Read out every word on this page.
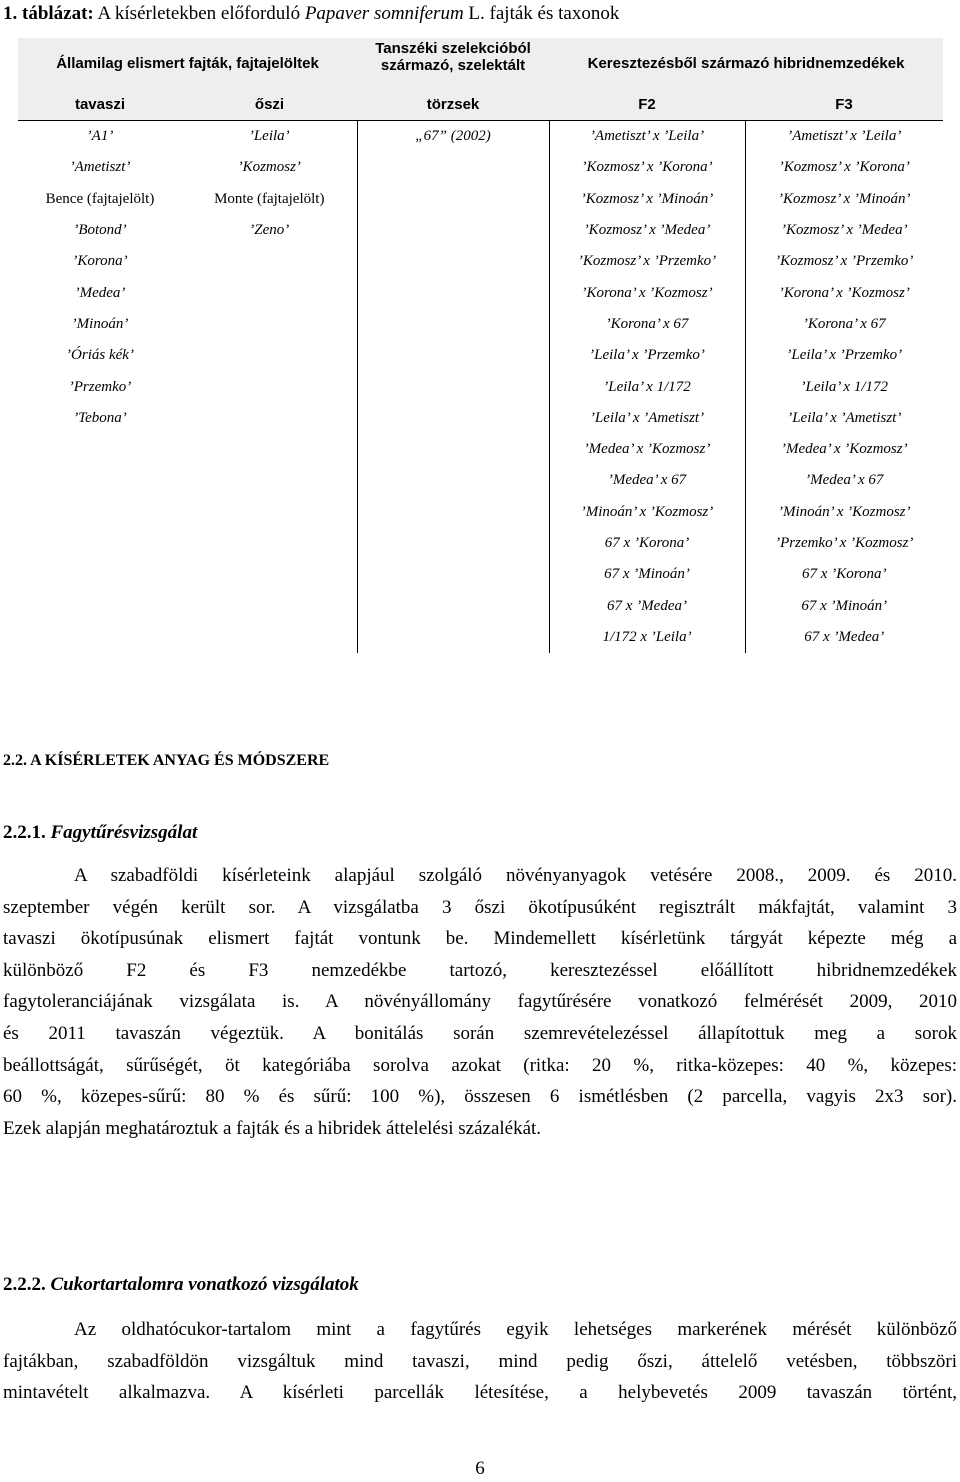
1. táblázat: A kísérletekben előforduló Papaver somniferum L. fajták és taxonok
Államilag elismert fajták, fajtajelöltek		Tanszéki szelekcióból
származó, szelektált	Keresztezésből származó hibridnemzedékek	
tavaszi	őszi	törzsek	F2	F3
’A1’	’Leila’	„67” (2002)	’Ametiszt’ x ’Leila’	’Ametiszt’ x ’Leila’
’Ametiszt’	’Kozmosz’		’Kozmosz’ x ’Korona’	’Kozmosz’ x ’Korona’
Bence (fajtajelölt)	Monte (fajtajelölt)		’Kozmosz’ x ’Minoán’	’Kozmosz’ x ’Minoán’
’Botond’	’Zeno’		’Kozmosz’ x ’Medea’	’Kozmosz’ x ’Medea’
’Korona’			’Kozmosz’ x ’Przemko’	’Kozmosz’ x ’Przemko’
’Medea’			’Korona’ x ’Kozmosz’	’Korona’ x ’Kozmosz’
’Minoán’			’Korona’ x 67	’Korona’ x 67
’Óriás kék’			’Leila’ x ’Przemko’	’Leila’ x ’Przemko’
’Przemko’			’Leila’ x 1/172	’Leila’ x 1/172
’Tebona’			’Leila’ x ’Ametiszt’	’Leila’ x ’Ametiszt’
			’Medea’ x ’Kozmosz’	’Medea’ x ’Kozmosz’
			’Medea’ x 67	’Medea’ x 67
			’Minoán’ x ’Kozmosz’	’Minoán’ x ’Kozmosz’
			67 x ’Korona’	’Przemko’ x ’Kozmosz’
			67 x ’Minoán’	67 x ’Korona’
			67 x ’Medea’	67 x ’Minoán’
			1/172 x ’Leila’	67 x ’Medea’
2.2. A KÍSÉRLETEK ANYAG ÉS MÓDSZERE
2.2.1. Fagytűrésvizsgálat
A szabadföldi kísérleteink alapjául szolgáló növényanyagok vetésére 2008., 2009. és 2010.
szeptember végén került sor. A vizsgálatba 3 őszi ökotípusúként regisztrált mákfajtát, valamint 3
tavaszi ökotípusúnak elismert fajtát vontunk be. Mindemellett kísérletünk tárgyát képezte még a
különböző F2 és F3 nemzedékbe tartozó, keresztezéssel előállított hibridnemzedékek
fagytoleranciájának vizsgálata is. A növényállomány fagytűrésére vonatkozó felmérését 2009, 2010
és 2011 tavaszán végeztük. A bonitálás során szemrevételezéssel állapítottuk meg a sorok
beállottságát, sűrűségét, öt kategóriába sorolva azokat (ritka: 20 %, ritka-közepes: 40 %, közepes:
60 %, közepes-sűrű: 80 % és sűrű: 100 %), összesen 6 ismétlésben (2 parcella, vagyis 2x3 sor).
Ezek alapján meghatároztuk a fajták és a hibridek áttelelési százalékát.
2.2.2. Cukortartalomra vonatkozó vizsgálatok
Az oldhatócukor-tartalom mint a fagytűrés egyik lehetséges markerének mérését különböző
fajtákban, szabadföldön vizsgáltuk mind tavaszi, mind pedig őszi, áttelelő vetésben, többszöri
mintavételt alkalmazva. A kísérleti parcellák létesítése, a helybevetés 2009 tavaszán történt,
6
